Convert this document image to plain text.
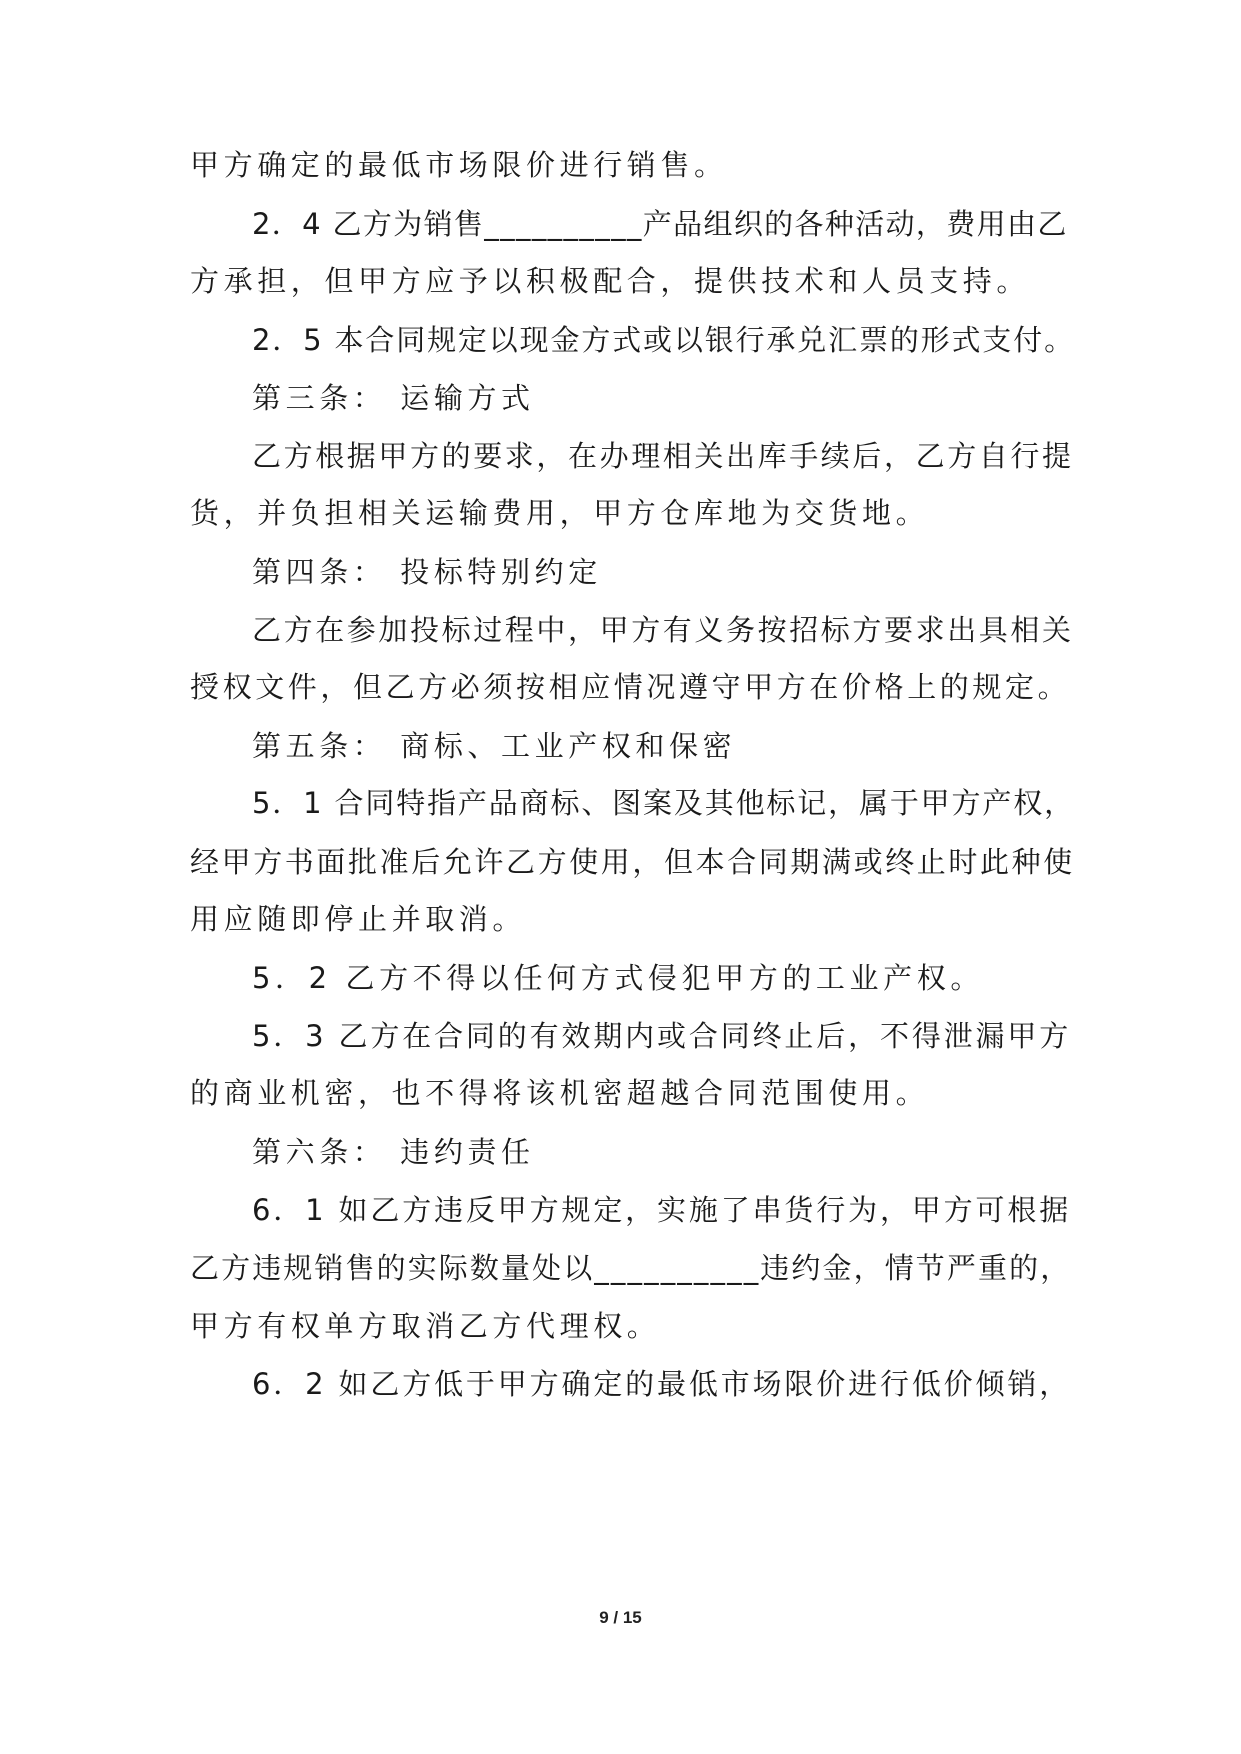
甲方确定的最低市场限价进行销售。
2．4 乙方为销售__________产品组织的各种活动，费用由乙
方承担，但甲方应予以积极配合，提供技术和人员支持。
2．5 本合同规定以现金方式或以银行承兑汇票的形式支付。
第三条： 运输方式
乙方根据甲方的要求，在办理相关出库手续后，乙方自行提
货，并负担相关运输费用，甲方仓库地为交货地。
第四条： 投标特别约定
乙方在参加投标过程中，甲方有义务按招标方要求出具相关
授权文件，但乙方必须按相应情况遵守甲方在价格上的规定。
第五条： 商标、工业产权和保密
5．1 合同特指产品商标、图案及其他标记，属于甲方产权，
经甲方书面批准后允许乙方使用，但本合同期满或终止时此种使
用应随即停止并取消。
5．2 乙方不得以任何方式侵犯甲方的工业产权。
5．3 乙方在合同的有效期内或合同终止后，不得泄漏甲方
的商业机密，也不得将该机密超越合同范围使用。
第六条： 违约责任
6．1 如乙方违反甲方规定，实施了串货行为，甲方可根据
乙方违规销售的实际数量处以__________违约金，情节严重的，
甲方有权单方取消乙方代理权。
6．2 如乙方低于甲方确定的最低市场限价进行低价倾销，
9 / 15
